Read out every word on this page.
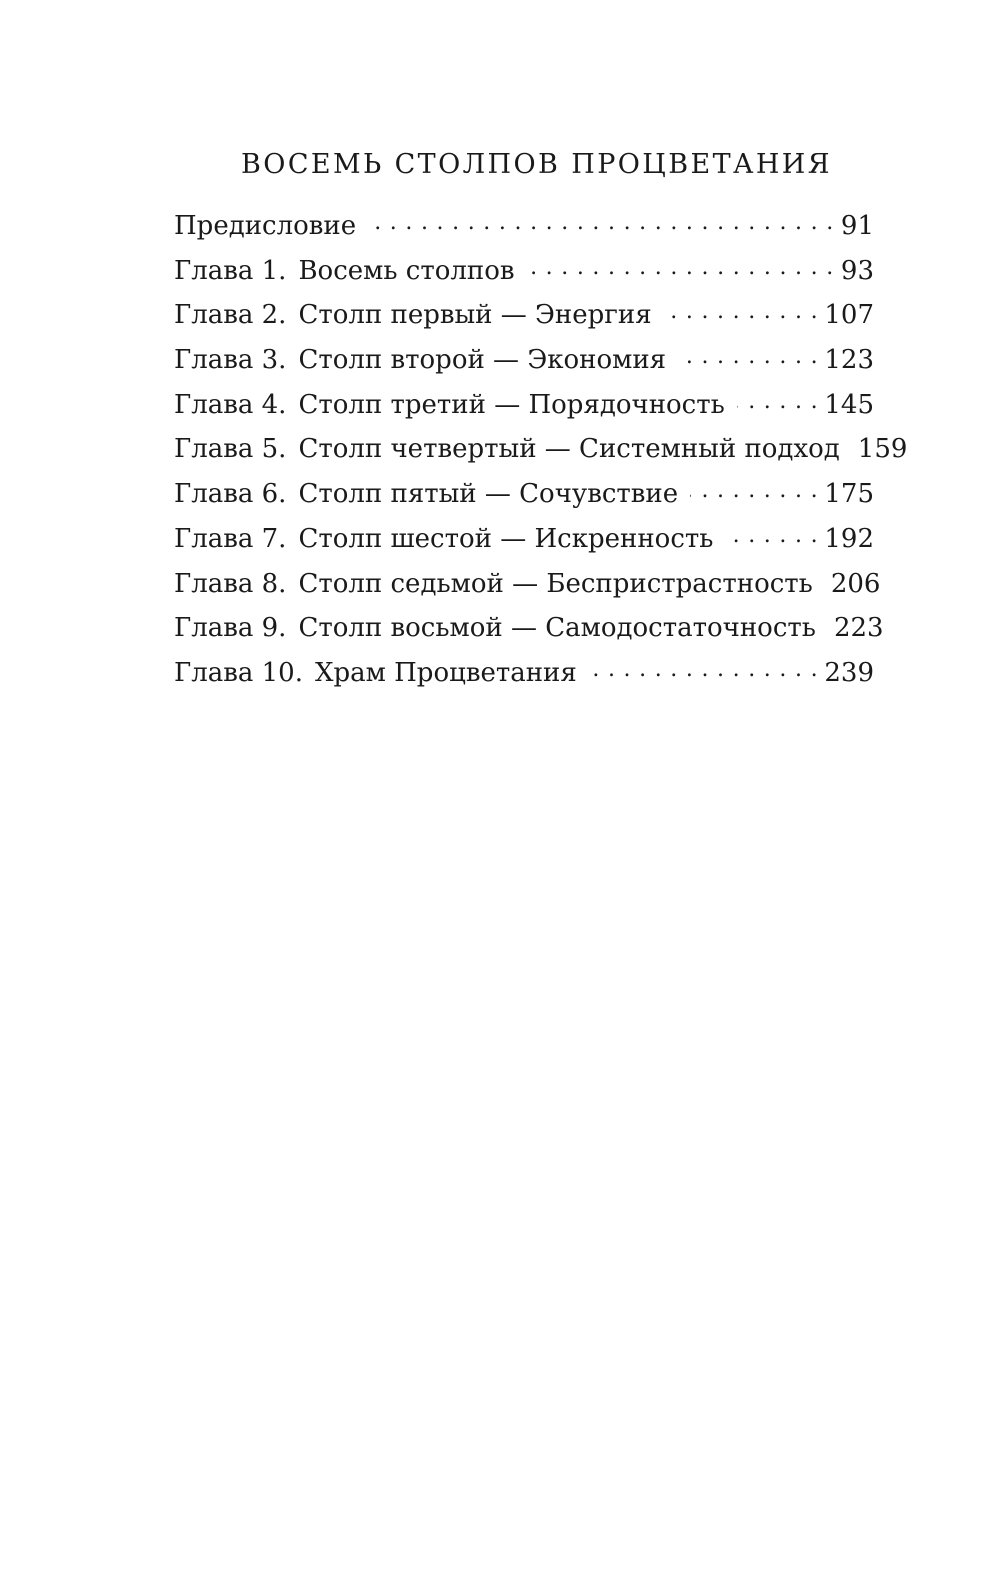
ВОСЕМЬ СТОЛПОВ ПРОЦВЕТАНИЯ
Предисловие . . .	91
Глава 1. Восемь столпов . . .	93
Глава 2. Столп первый — Энергия . . .	107
Глава 3. Столп второй — Экономия . . .	123
Глава 4. Столп третий — Порядочность . . .	145
Глава 5. Столп четвертый — Системный подход 159
Глава 6. Столп пятый — Сочувствие . . .	175
Глава 7. Столп шестой — Искренность . . .	192
Глава 8. Столп седьмой — Беспристрастность 206
Глава 9. Столп восьмой — Самодостаточность 223
Глава 10. Храм Процветания . . .	239
